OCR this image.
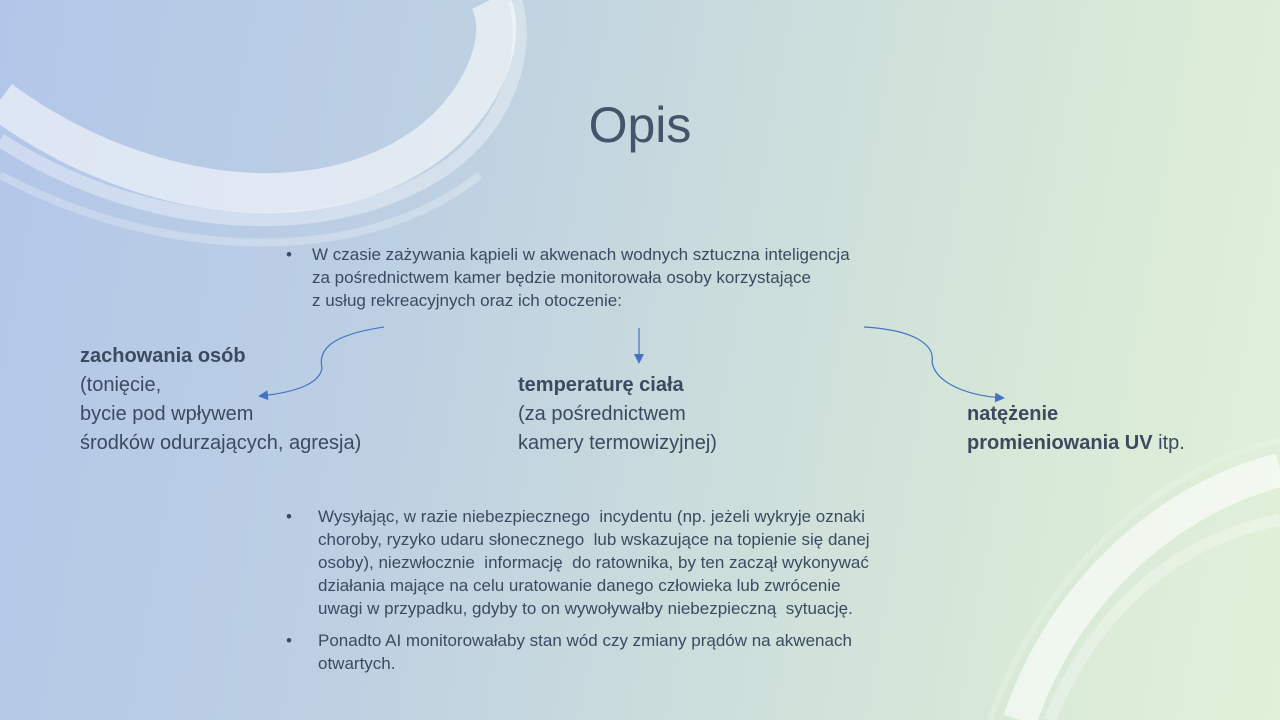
Opis
•	W czasie zażywania kąpieli w akwenach wodnych sztuczna inteligencja
za pośrednictwem kamer będzie monitorowała osoby korzystające
z usług rekreacyjnych oraz ich otoczenie:
zachowania osób
(tonięcie,
bycie pod wpływem
środków odurzających, agresja)
temperaturę ciała
(za pośrednictwem
kamery termowizyjnej)
natężenie
promieniowania UV itp.
•	Wysyłając, w razie niebezpiecznego  incydentu (np. jeżeli wykryje oznaki
choroby, ryzyko udaru słonecznego  lub wskazujące na topienie się danej
osoby), niezwłocznie  informację  do ratownika, by ten zaczął wykonywać
działania mające na celu uratowanie danego człowieka lub zwrócenie
uwagi w przypadku, gdyby to on wywoływałby niebezpieczną  sytuację.
•	Ponadto AI monitorowałaby stan wód czy zmiany prądów na akwenach
otwartych.
